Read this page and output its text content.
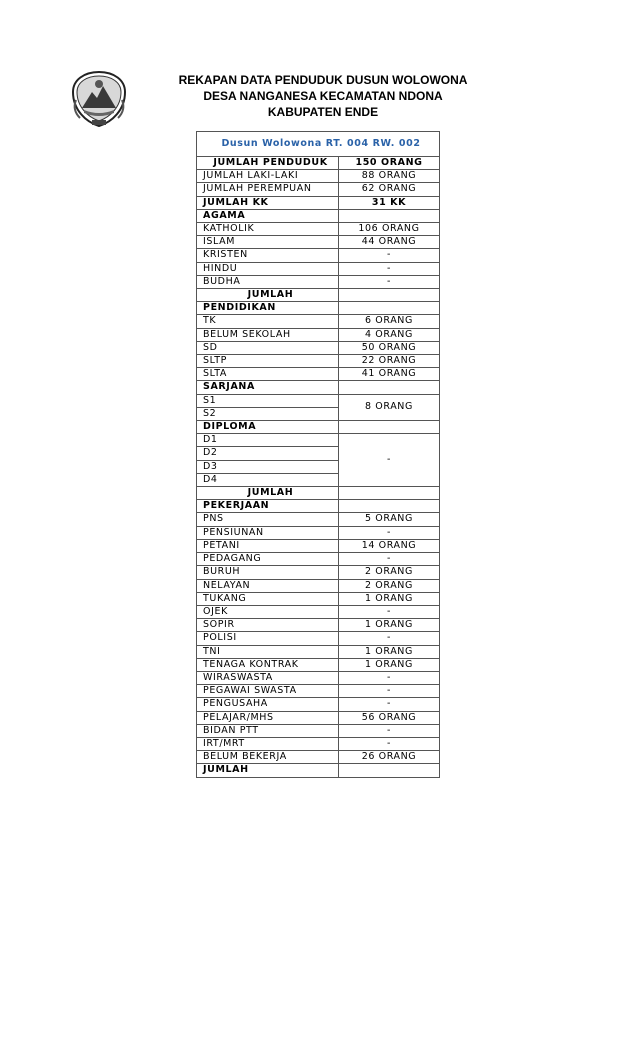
REKAPAN DATA PENDUDUK DUSUN WOLOWONA
DESA NANGANESA KECAMATAN NDONA
KABUPATEN ENDE
Dusun Wolowona RT. 004 RW. 002	
JUMLAH PENDUDUK	150 ORANG
JUMLAH LAKI-LAKI	88 ORANG
JUMLAH PEREMPUAN	62 ORANG
JUMLAH KK	31 KK
AGAMA	
KATHOLIK	106 ORANG
ISLAM	44 ORANG
KRISTEN	-
HINDU	-
BUDHA	-
JUMLAH	
PENDIDIKAN	
TK	6 ORANG
BELUM SEKOLAH	4 ORANG
SD	50 ORANG
SLTP	22 ORANG
SLTA	41 ORANG
SARJANA	
S1	8 ORANG
S2	
DIPLOMA	
D1	-
D2	
D3	
D4	
JUMLAH	
PEKERJAAN	
PNS	5 ORANG
PENSIUNAN	-
PETANI	14 ORANG
PEDAGANG	-
BURUH	2 ORANG
NELAYAN	2 ORANG
TUKANG	1 ORANG
OJEK	-
SOPIR	1 ORANG
POLISI	-
TNI	1 ORANG
TENAGA KONTRAK	1 ORANG
WIRASWASTA	-
PEGAWAI SWASTA	-
PENGUSAHA	-
PELAJAR/MHS	56 ORANG
BIDAN PTT	-
IRT/MRT	-
BELUM BEKERJA	26 ORANG
JUMLAH	
